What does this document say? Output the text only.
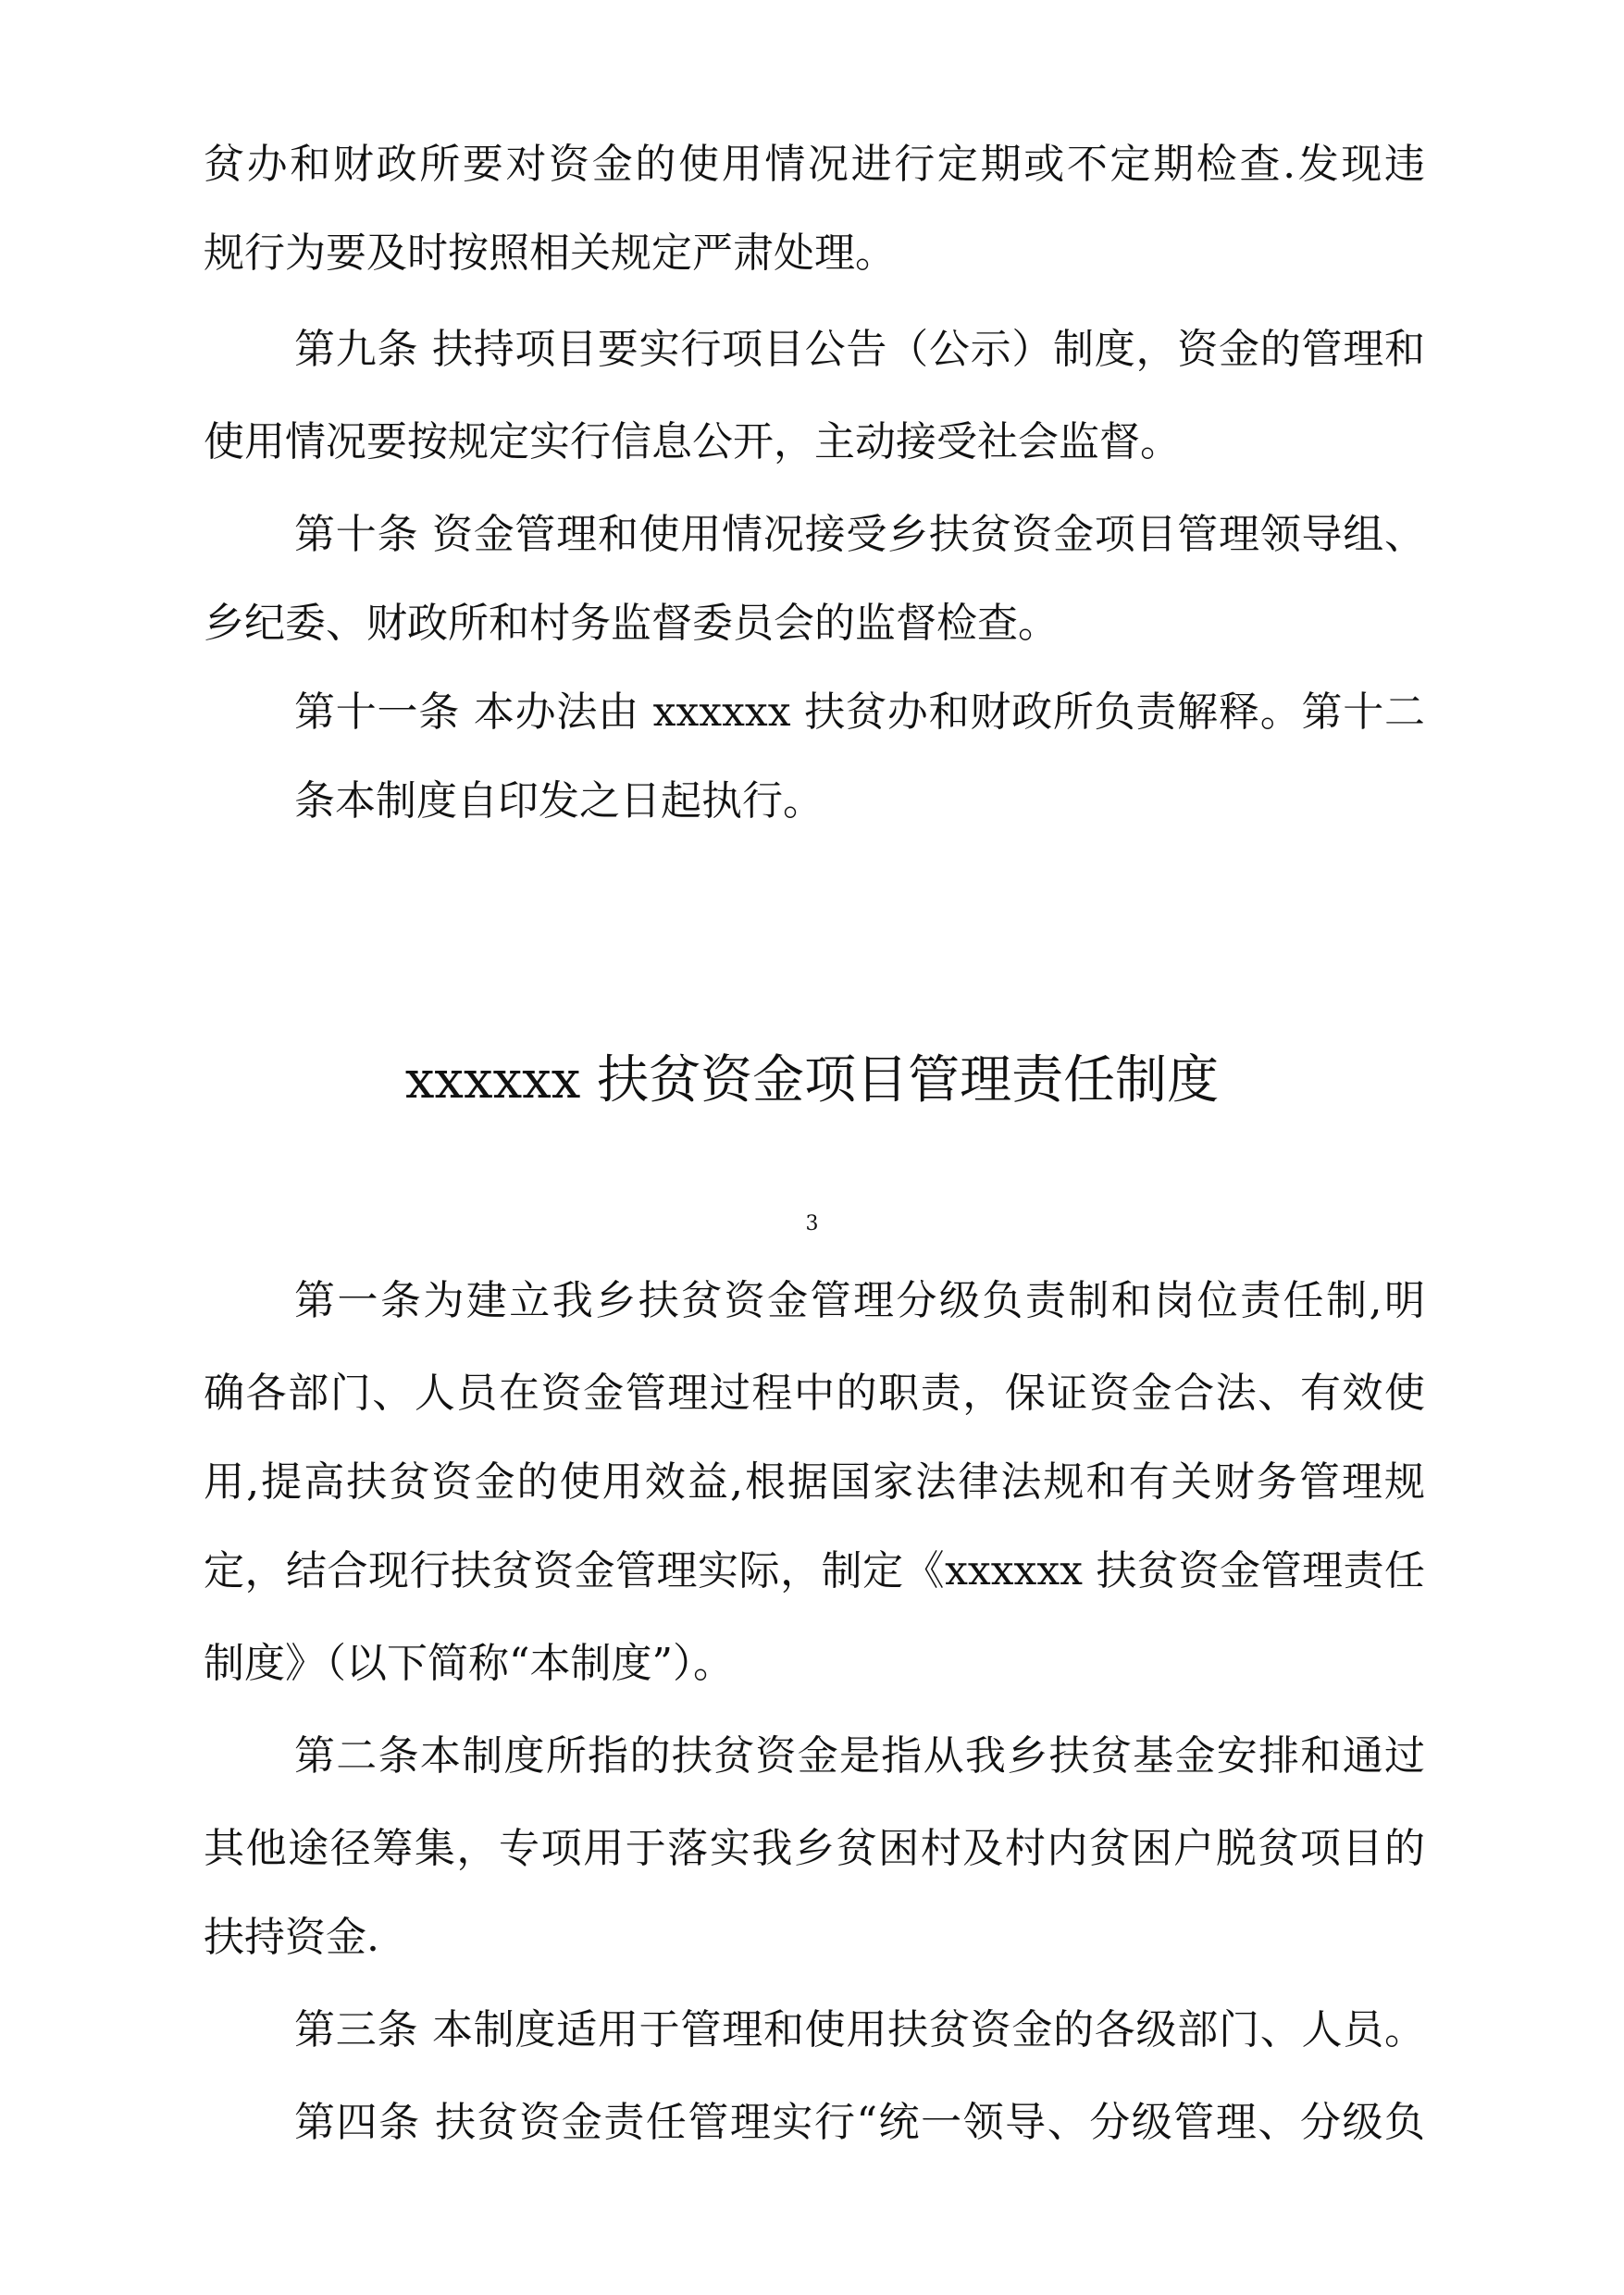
贫办和财政所要对资金的使用情况进行定期或不定期检查.发现违
规行为要及时按照相关规定严肃处理。
第九条 扶持项目要实行项目公告（公示）制度，资金的管理和
使用情况要按规定实行信息公开，主动接受社会监督。
第十条 资金管理和使用情况接受乡扶贫资金项目管理领导组、
乡纪委、财政所和村务监督委员会的监督检查。
第十一条 本办法由 xxxxxx 扶贫办和财政所负责解释。第十二
条本制度自印发之日起执行。
xxxxxx 扶贫资金项目管理责任制度
3
第一条为建立我乡扶贫资金管理分级负责制和岗位责任制,明
确各部门、人员在资金管理过程中的职责，保证资金合法、有效使
用,提高扶贫资金的使用效益,根据国家法律法规和有关财务管理规
定，结合现行扶贫资金管理实际，制定《xxxxxx 扶贫资金管理责任
制度》（以下简称“本制度”）。
第二条本制度所指的扶贫资金是指从我乡扶贫基金安排和通过
其他途径筹集，专项用于落实我乡贫困村及村内贫困户脱贫项目的
扶持资金.
第三条 本制度适用于管理和使用扶贫资金的各级部门、人员。
第四条 扶贫资金责任管理实行“统一领导、分级管理、分级负
